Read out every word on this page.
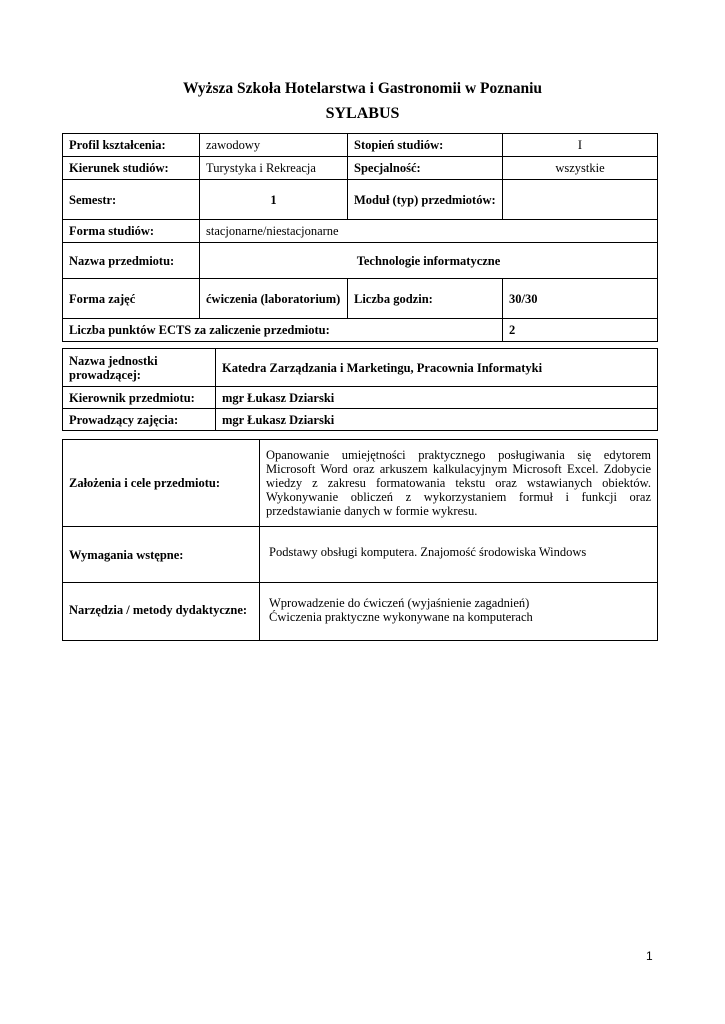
Wyższa Szkoła Hotelarstwa i Gastronomii w Poznaniu
SYLABUS
Profil kształcenia:	zawodowy	Stopień studiów:	I
Kierunek studiów:	Turystyka i Rekreacja	Specjalność:	wszystkie
Semestr:	1	Moduł (typ) przedmiotów:	
Forma studiów:	stacjonarne/niestacjonarne		
Nazwa przedmiotu:	Technologie informatyczne		
Forma zajęć	ćwiczenia (laboratorium)	Liczba godzin:	30/30
Liczba punktów ECTS za zaliczenie przedmiotu:			2
Nazwa jednostki prowadzącej:	Katedra Zarządzania i Marketingu, Pracownia Informatyki
Kierownik przedmiotu:	mgr Łukasz Dziarski
Prowadzący zajęcia:	mgr Łukasz Dziarski
Założenia i cele przedmiotu:	Opanowanie umiejętności praktycznego posługiwania się edytorem Microsoft Word oraz arkuszem kalkulacyjnym Microsoft Excel. Zdobycie wiedzy z zakresu formatowania tekstu oraz wstawianych obiektów. Wykonywanie obliczeń z wykorzystaniem formuł i funkcji oraz przedstawianie danych w formie wykresu.
Wymagania wstępne:	Podstawy obsługi komputera. Znajomość środowiska Windows

Narzędzia / metody dydaktyczne:	Wprowadzenie do ćwiczeń (wyjaśnienie zagadnień)
Ćwiczenia praktyczne wykonywane na komputerach
1
